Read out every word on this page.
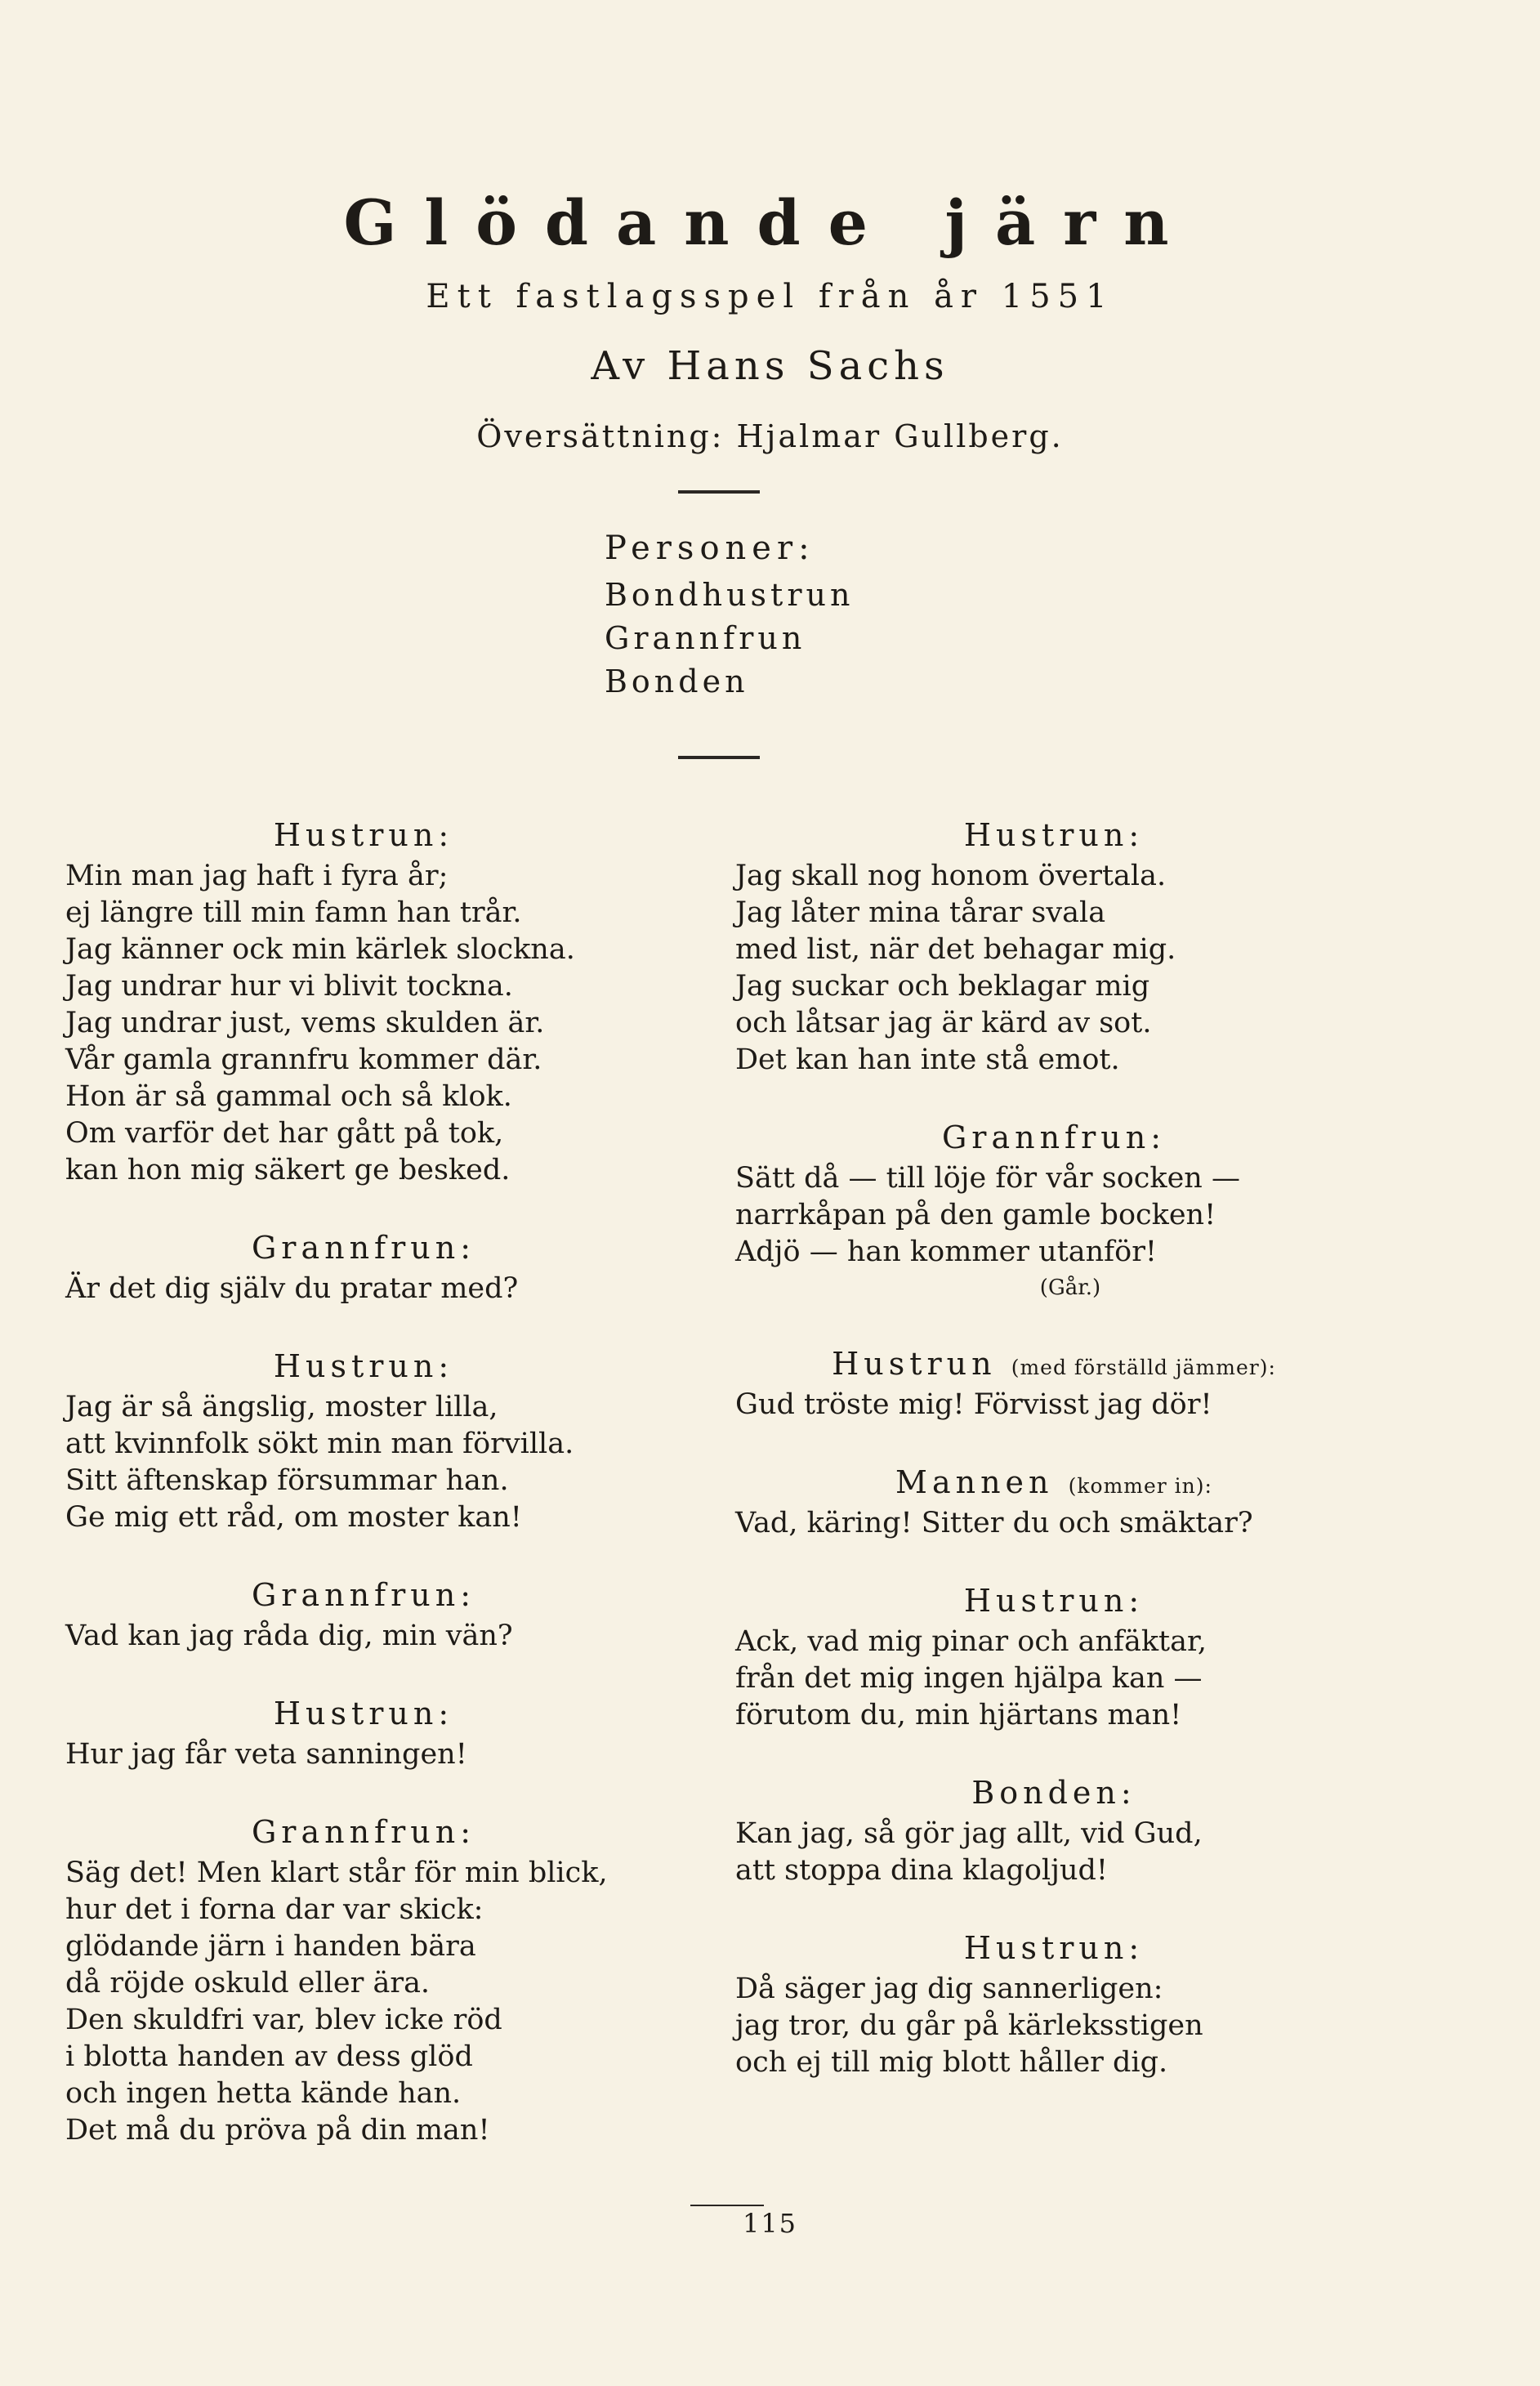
Glödande järn
Ett fastlagsspel från år 1551
Av Hans Sachs
Översättning: Hjalmar Gullberg.
Personer:
Bondhustrun
Grannfrun
Bonden
Hustrun:
Min man jag haft i fyra år;
ej längre till min famn han trår.
Jag känner ock min kärlek slockna.
Jag undrar hur vi blivit tockna.
Jag undrar just, vems skulden är.
Vår gamla grannfru kommer där.
Hon är så gammal och så klok.
Om varför det har gått på tok,
kan hon mig säkert ge besked.
Grannfrun:
Är det dig själv du pratar med?
Hustrun:
Jag är så ängslig, moster lilla,
att kvinnfolk sökt min man förvilla.
Sitt äftenskap försummar han.
Ge mig ett råd, om moster kan!
Grannfrun:
Vad kan jag råda dig, min vän?
Hustrun:
Hur jag får veta sanningen!
Grannfrun:
Säg det! Men klart står för min blick,
hur det i forna dar var skick:
glödande järn i handen bära
då röjde oskuld eller ära.
Den skuldfri var, blev icke röd
i blotta handen av dess glöd
och ingen hetta kände han.
Det må du pröva på din man!
Hustrun:
Jag skall nog honom övertala.
Jag låter mina tårar svala
med list, när det behagar mig.
Jag suckar och beklagar mig
och låtsar jag är kärd av sot.
Det kan han inte stå emot.
Grannfrun:
Sätt då — till löje för vår socken —
narrkåpan på den gamle bocken!
Adjö — han kommer utanför!
(Går.)
Hustrun (med förställd jämmer):
Gud tröste mig! Förvisst jag dör!
Mannen (kommer in):
Vad, käring! Sitter du och smäktar?
Hustrun:
Ack, vad mig pinar och anfäktar,
från det mig ingen hjälpa kan —
förutom du, min hjärtans man!
Bonden:
Kan jag, så gör jag allt, vid Gud,
att stoppa dina klagoljud!
Hustrun:
Då säger jag dig sannerligen:
jag tror, du går på kärleksstigen
och ej till mig blott håller dig.
115
